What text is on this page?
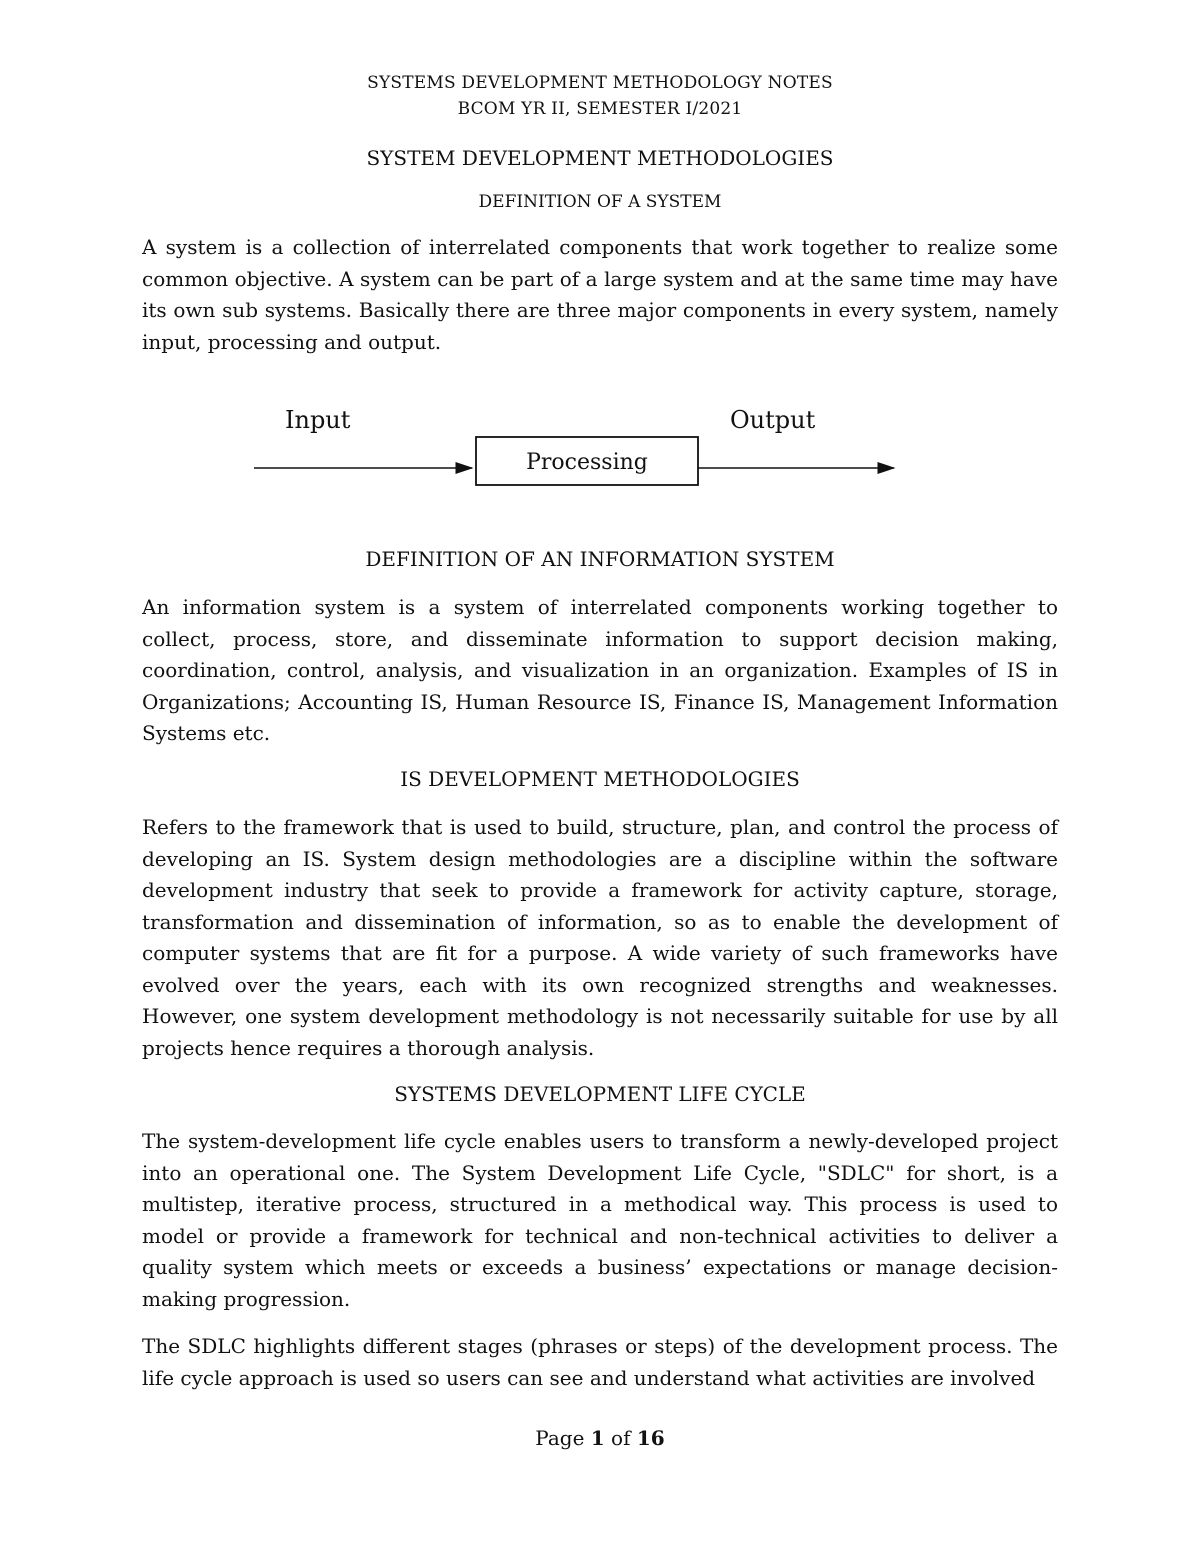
SYSTEMS DEVELOPMENT METHODOLOGY NOTES
BCOM YR II, SEMESTER I/2021
SYSTEM DEVELOPMENT METHODOLOGIES
DEFINITION OF A SYSTEM

A system is a collection of interrelated components that work together to realize some common objective. A system can be part of a large system and at the same time may have its own sub systems. Basically there are three major components in every system, namely input, processing and output.

Input
Processing
Output
DEFINITION OF AN INFORMATION SYSTEM

An information system is a system of interrelated components working together to collect, process, store, and disseminate information to support decision making, coordination, control, analysis, and visualization in an organization. Examples of IS in Organizations; Accounting IS, Human Resource IS, Finance IS, Management Information Systems etc.

IS DEVELOPMENT METHODOLOGIES

Refers to the framework that is used to build, structure, plan, and control the process of developing an IS. System design methodologies are a discipline within the software development industry that seek to provide a framework for activity capture, storage, transformation and dissemination of information, so as to enable the development of computer systems that are fit for a purpose. A wide variety of such frameworks have evolved over the years, each with its own recognized strengths and weaknesses. However, one system development methodology is not necessarily suitable for use by all projects hence requires a thorough analysis.

SYSTEMS DEVELOPMENT LIFE CYCLE

The system-development life cycle enables users to transform a newly-developed project into an operational one. The System Development Life Cycle, "SDLC" for short, is a multistep, iterative process, structured in a methodical way. This process is used to model or provide a framework for technical and non-technical activities to deliver a quality system which meets or exceeds a business’ expectations or manage decision-making progression.

The SDLC highlights different stages (phrases or steps) of the development process. The life cycle approach is used so users can see and understand what activities are involved

Page 1 of 16
